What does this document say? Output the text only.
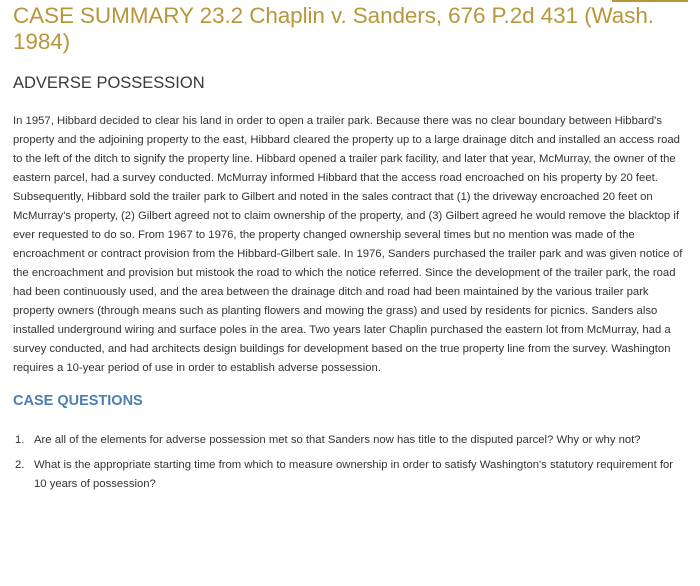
CASE SUMMARY 23.2 Chaplin v. Sanders, 676 P.2d 431 (Wash. 1984)
ADVERSE POSSESSION

In 1957, Hibbard decided to clear his land in order to open a trailer park. Because there was no clear boundary between Hibbard's property and the adjoining property to the east, Hibbard cleared the property up to a large drainage ditch and installed an access road to the left of the ditch to signify the property line. Hibbard opened a trailer park facility, and later that year, McMurray, the owner of the eastern parcel, had a survey conducted. McMurray informed Hibbard that the access road encroached on his property by 20 feet. Subsequently, Hibbard sold the trailer park to Gilbert and noted in the sales contract that (1) the driveway encroached 20 feet on McMurray's property, (2) Gilbert agreed not to claim ownership of the property, and (3) Gilbert agreed he would remove the blacktop if ever requested to do so. From 1967 to 1976, the property changed ownership several times but no mention was made of the encroachment or contract provision from the Hibbard-Gilbert sale. In 1976, Sanders purchased the trailer park and was given notice of the encroachment and provision but mistook the road to which the notice referred. Since the development of the trailer park, the road had been continuously used, and the area between the drainage ditch and road had been maintained by the various trailer park property owners (through means such as planting flowers and mowing the grass) and used by residents for picnics. Sanders also installed underground wiring and surface poles in the area. Two years later Chaplin purchased the eastern lot from McMurray, had a survey conducted, and had architects design buildings for development based on the true property line from the survey. Washington requires a 10-year period of use in order to establish adverse possession.

CASE QUESTIONS
1. Are all of the elements for adverse possession met so that Sanders now has title to the disputed parcel? Why or why not?
2. What is the appropriate starting time from which to measure ownership in order to satisfy Washington's statutory requirement for 10 years of possession?
